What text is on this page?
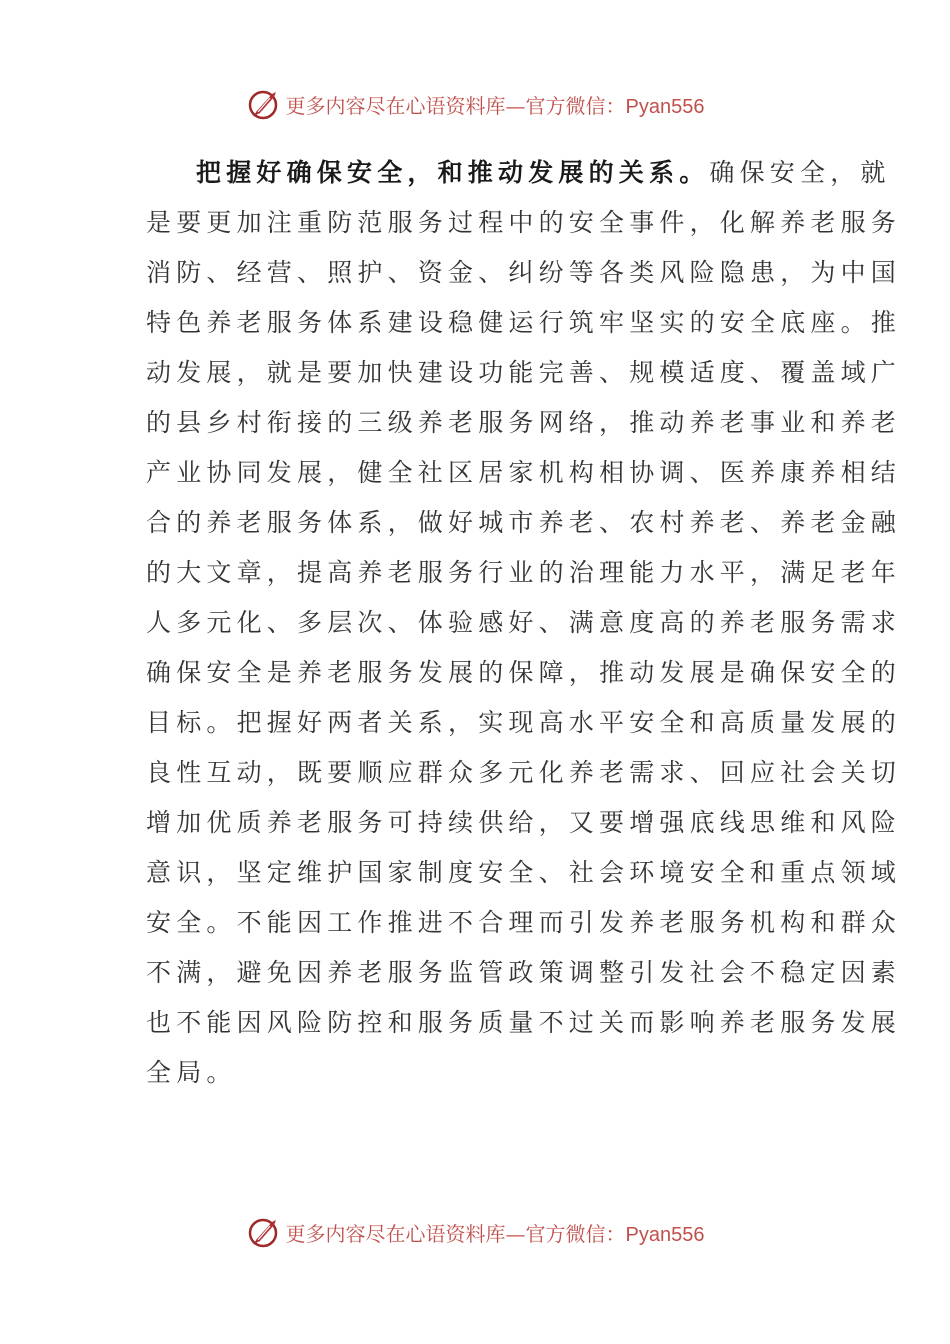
更多内容尽在心语资料库—官方微信：Pyan556
把握好确保安全，和推动发展的关系。确保安全，就
是要更加注重防范服务过程中的安全事件，化解养老服务
消防、经营、照护、资金、纠纷等各类风险隐患，为中国
特色养老服务体系建设稳健运行筑牢坚实的安全底座。推
动发展，就是要加快建设功能完善、规模适度、覆盖域广
的县乡村衔接的三级养老服务网络，推动养老事业和养老
产业协同发展，健全社区居家机构相协调、医养康养相结
合的养老服务体系，做好城市养老、农村养老、养老金融
的大文章，提高养老服务行业的治理能力水平，满足老年
人多元化、多层次、体验感好、满意度高的养老服务需求
确保安全是养老服务发展的保障，推动发展是确保安全的
目标。把握好两者关系，实现高水平安全和高质量发展的
良性互动，既要顺应群众多元化养老需求、回应社会关切
增加优质养老服务可持续供给，又要增强底线思维和风险
意识，坚定维护国家制度安全、社会环境安全和重点领域
安全。不能因工作推进不合理而引发养老服务机构和群众
不满，避免因养老服务监管政策调整引发社会不稳定因素
也不能因风险防控和服务质量不过关而影响养老服务发展
全局。
更多内容尽在心语资料库—官方微信：Pyan556
